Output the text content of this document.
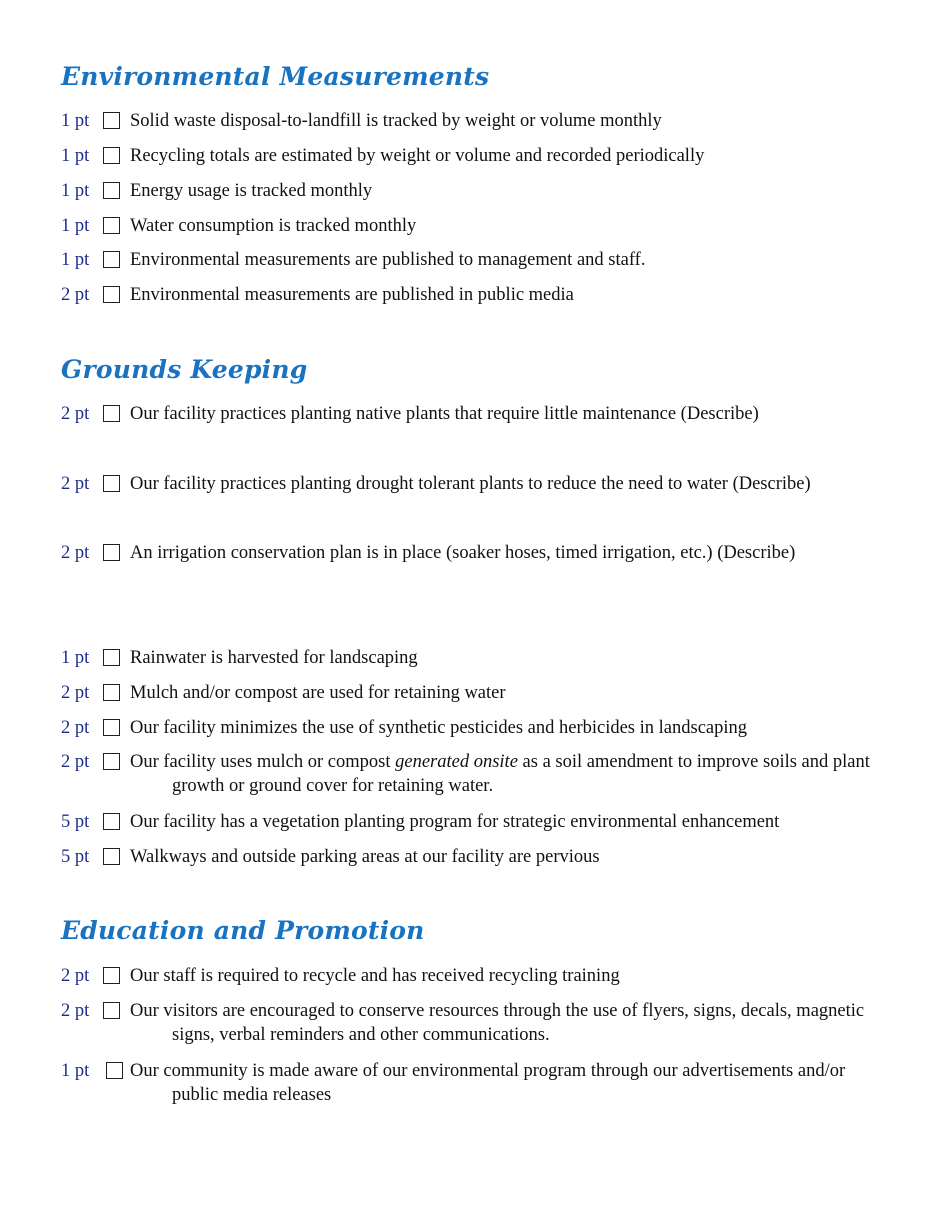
Environmental Measurements
1 pt Solid waste disposal-to-landfill is tracked by weight or volume monthly
1 pt Recycling totals are estimated by weight or volume and recorded periodically
1 pt Energy usage is tracked monthly
1 pt Water consumption is tracked monthly
1 pt Environmental measurements are published to management and staff.
2 pt Environmental measurements are published in public media
Grounds Keeping
2 pt Our facility practices planting native plants that require little maintenance (Describe)
2 pt Our facility practices planting drought tolerant plants to reduce the need to water (Describe)
2 pt An irrigation conservation plan is in place (soaker hoses, timed irrigation, etc.) (Describe)
1 pt Rainwater is harvested for landscaping
2 pt Mulch and/or compost are used for retaining water
2 pt Our facility minimizes the use of synthetic pesticides and herbicides in landscaping
2 pt Our facility uses mulch or compost generated onsite as a soil amendment to improve soils and plant
growth or ground cover for retaining water.
5 pt Our facility has a vegetation planting program for strategic environmental enhancement
5 pt Walkways and outside parking areas at our facility are pervious
Education and Promotion
2 pt Our staff is required to recycle and has received recycling training
2 pt Our visitors are encouraged to conserve resources through the use of flyers, signs, decals, magnetic
signs, verbal reminders and other communications.
1 pt Our community is made aware of our environmental program through our advertisements and/or
public media releases
